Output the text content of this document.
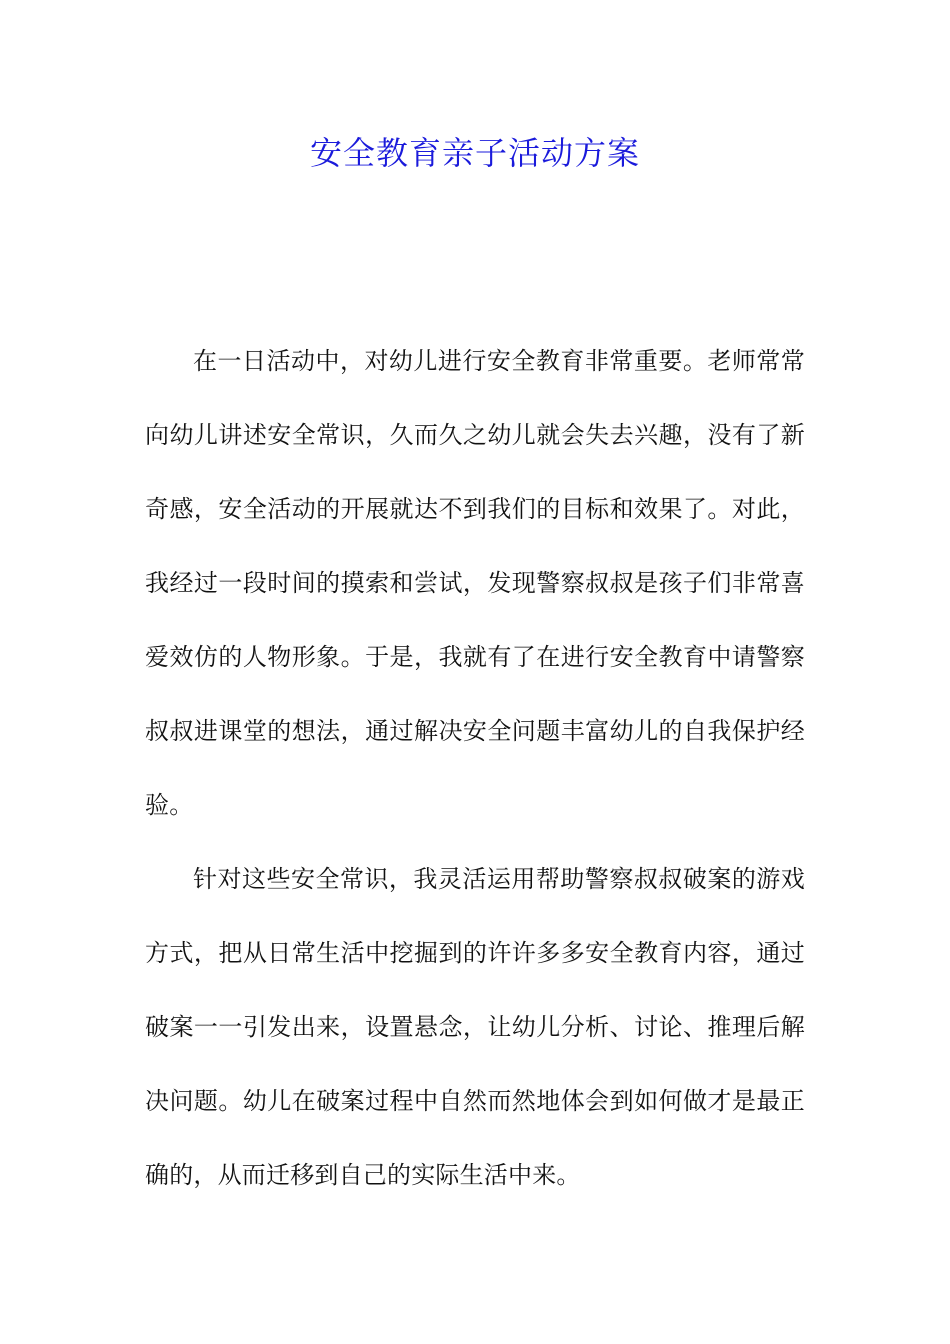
安全教育亲子活动方案

在一日活动中，对幼儿进行安全教育非常重要。老师常常向幼儿讲述安全常识，久而久之幼儿就会失去兴趣，没有了新奇感，安全活动的开展就达不到我们的目标和效果了。对此，我经过一段时间的摸索和尝试，发现警察叔叔是孩子们非常喜爱效仿的人物形象。于是，我就有了在进行安全教育中请警察叔叔进课堂的想法，通过解决安全问题丰富幼儿的自我保护经验。

针对这些安全常识，我灵活运用帮助警察叔叔破案的游戏方式，把从日常生活中挖掘到的许许多多安全教育内容，通过破案一一引发出来，设置悬念，让幼儿分析、讨论、推理后解决问题。幼儿在破案过程中自然而然地体会到如何做才是最正确的，从而迁移到自己的实际生活中来。
